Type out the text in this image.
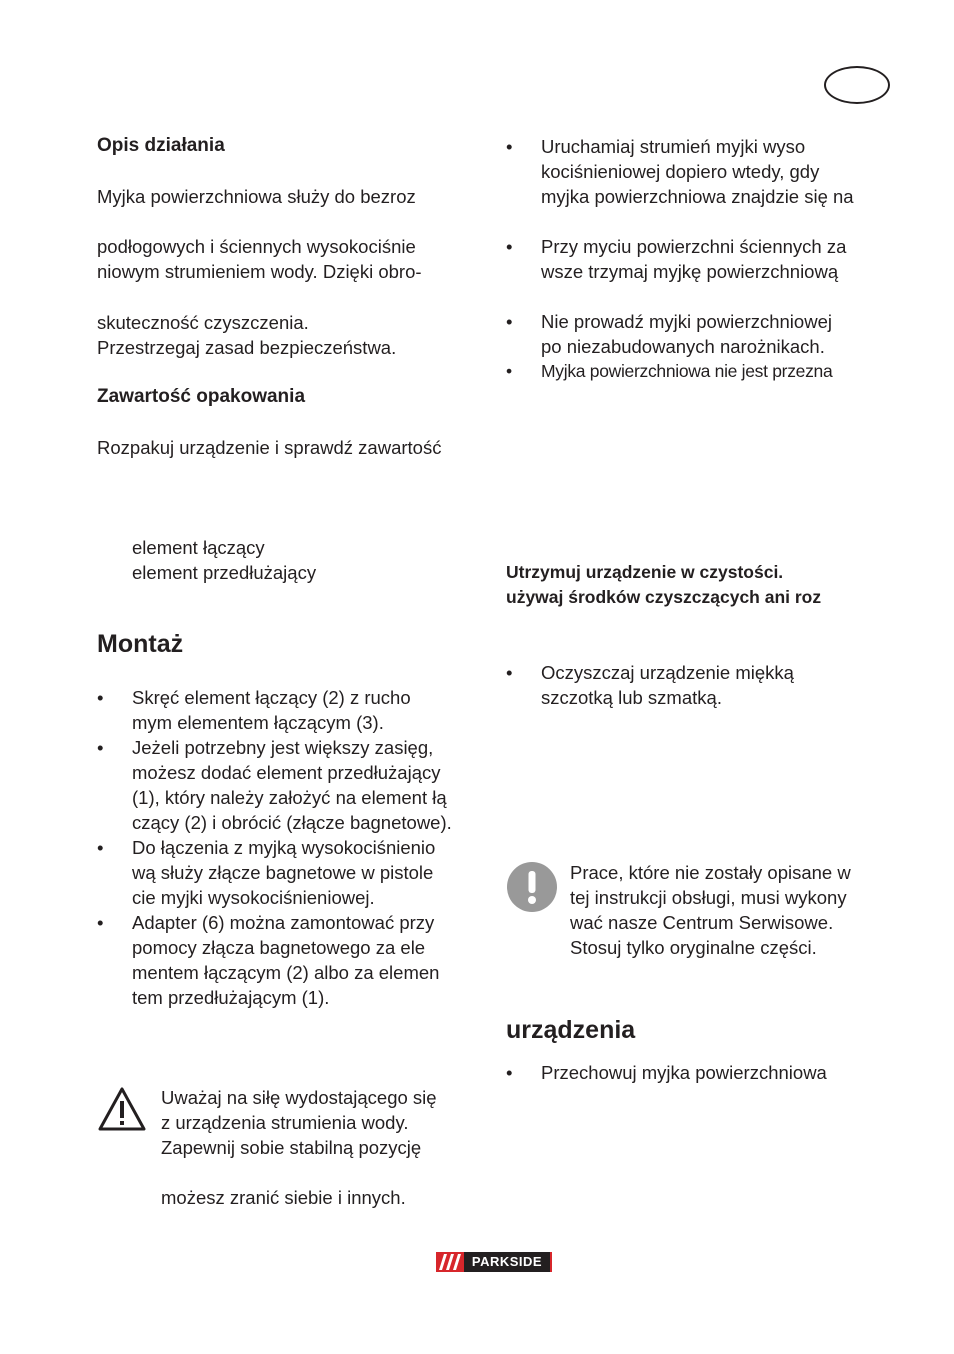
Opis działania
Myjka powierzchniowa służy do bezroz
podłogowych i ściennych wysokociśnie
niowym strumieniem wody. Dzięki obro-
skuteczność czyszczenia.
Przestrzegaj zasad bezpieczeństwa.
Zawartość opakowania
Rozpakuj urządzenie i sprawdź zawartość
element łączący
element przedłużający
Montaż
• Skręć element łączący (2) z rucho
mym elementem łączącym (3).
• Jeżeli potrzebny jest większy zasięg,
możesz dodać element przedłużający
(1), który należy założyć na element łą
czący (2) i obrócić (złącze bagnetowe).
• Do łączenia z myjką wysokociśnienio
wą służy złącze bagnetowe w pistole
cie myjki wysokociśnieniowej.
• Adapter (6) można zamontować przy
pomocy złącza bagnetowego za ele
mentem łączącym (2) albo za elemen
tem przedłużającym (1).
Uważaj na siłę wydostającego się
z urządzenia strumienia wody.
Zapewnij sobie stabilną pozycję
możesz zranić siebie i innych.
• Uruchamiaj strumień myjki wyso
kociśnieniowej dopiero wtedy, gdy
myjka powierzchniowa znajdzie się na
• Przy myciu powierzchni ściennych za
wsze trzymaj myjkę powierzchniową
• Nie prowadź myjki powierzchniowej
po niezabudowanych narożnikach.
• Myjka powierzchniowa nie jest przezna
Utrzymuj urządzenie w czystości.
używaj środków czyszczących ani roz
• Oczyszczaj urządzenie miękką
szczotką lub szmatką.
Prace, które nie zostały opisane w
tej instrukcji obsługi, musi wykony
wać nasze Centrum Serwisowe.
Stosuj tylko oryginalne części.
urządzenia
• Przechowuj myjka powierzchniowa
PARKSIDE
